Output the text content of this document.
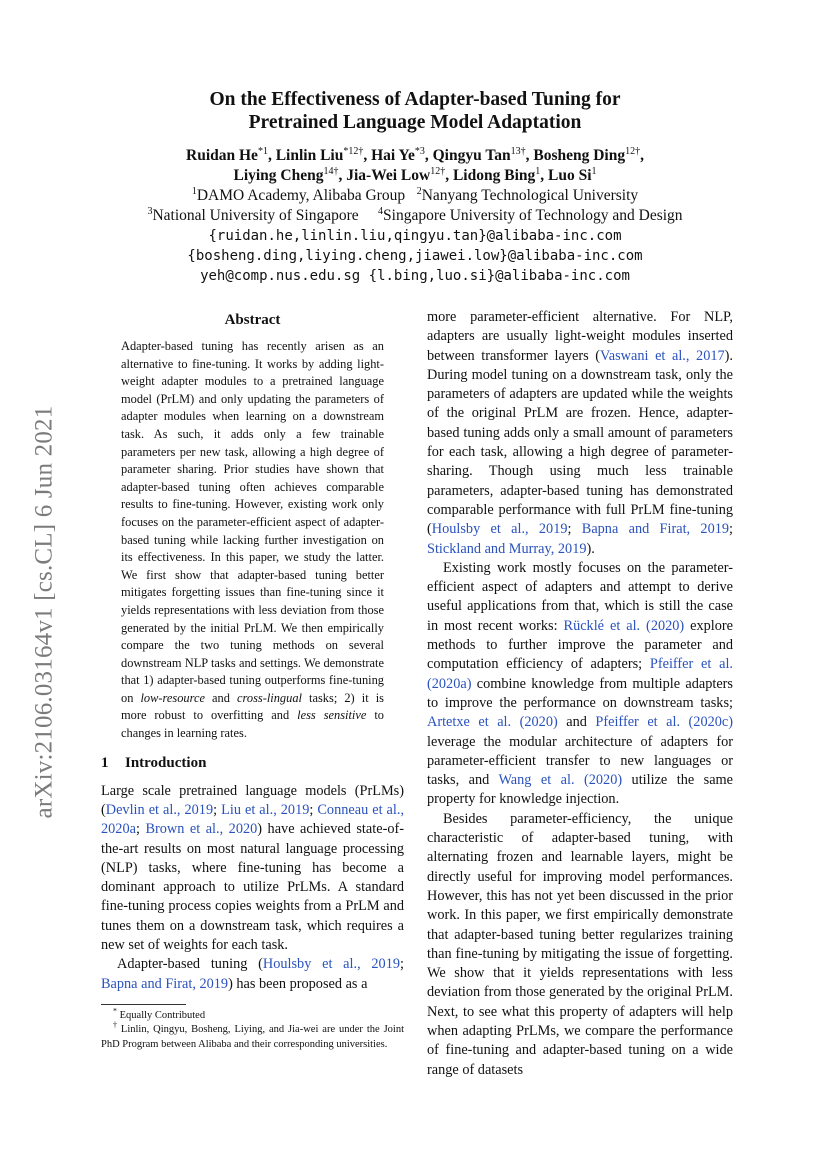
arXiv:2106.03164v1 [cs.CL] 6 Jun 2021
On the Effectiveness of Adapter-based Tuning for
Pretrained Language Model Adaptation
Ruidan He$^{*1}$, Linlin Liu$^{*12\dagger}$, Hai Ye$^{*3}$, Qingyu Tan$^{13\dagger}$, Bosheng Ding$^{12\dagger}$,
Liying Cheng$^{14\dagger}$, Jia-Wei Low$^{12\dagger}$, Lidong Bing$^1$, Luo Si$^1$
$^1$DAMO Academy, Alibaba Group $^2$Nanyang Technological University
$^3$National University of Singapore $^4$Singapore University of Technology and Design
{ruidan.he,linlin.liu,qingyu.tan}@alibaba-inc.com
{bosheng.ding,liying.cheng,jiawei.low}@alibaba-inc.com
yeh@comp.nus.edu.sg {l.bing,luo.si}@alibaba-inc.com
Abstract

Adapter-based tuning has recently arisen as an alternative to fine-tuning. It works by adding light-weight adapter modules to a pretrained language model (PrLM) and only updating the parameters of adapter modules when learning on a downstream task. As such, it adds only a few trainable parameters per new task, allowing a high degree of parameter sharing. Prior studies have shown that adapter-based tuning often achieves comparable results to fine-tuning. However, existing work only focuses on the parameter-efficient aspect of adapter-based tuning while lacking further investigation on its effectiveness. In this paper, we study the latter. We first show that adapter-based tuning better mitigates forgetting issues than fine-tuning since it yields representations with less deviation from those generated by the initial PrLM. We then empirically compare the two tuning methods on several downstream NLP tasks and settings. We demonstrate that 1) adapter-based tuning outperforms fine-tuning on low-resource and cross-lingual tasks; 2) it is more robust to overfitting and less sensitive to changes in learning rates.

1 Introduction

Large scale pretrained language models (PrLMs) (Devlin et al., 2019; Liu et al., 2019; Conneau et al., 2020a; Brown et al., 2020) have achieved state-of-the-art results on most natural language processing (NLP) tasks, where fine-tuning has become a dominant approach to utilize PrLMs. A standard fine-tuning process copies weights from a PrLM and tunes them on a downstream task, which requires a new set of weights for each task.

Adapter-based tuning (Houlsby et al., 2019; Bapna and Firat, 2019) has been proposed as a

* Equally Contributed

† Linlin, Qingyu, Bosheng, Liying, and Jia-wei are under the Joint PhD Program between Alibaba and their corresponding universities.

more parameter-efficient alternative. For NLP, adapters are usually light-weight modules inserted between transformer layers (Vaswani et al., 2017). During model tuning on a downstream task, only the parameters of adapters are updated while the weights of the original PrLM are frozen. Hence, adapter-based tuning adds only a small amount of parameters for each task, allowing a high degree of parameter-sharing. Though using much less trainable parameters, adapter-based tuning has demonstrated comparable performance with full PrLM fine-tuning (Houlsby et al., 2019; Bapna and Firat, 2019; Stickland and Murray, 2019).

Existing work mostly focuses on the parameter-efficient aspect of adapters and attempt to derive useful applications from that, which is still the case in most recent works: Rücklé et al. (2020) explore methods to further improve the parameter and computation efficiency of adapters; Pfeiffer et al. (2020a) combine knowledge from multiple adapters to improve the performance on downstream tasks; Artetxe et al. (2020) and Pfeiffer et al. (2020c) leverage the modular architecture of adapters for parameter-efficient transfer to new languages or tasks, and Wang et al. (2020) utilize the same property for knowledge injection.

Besides parameter-efficiency, the unique characteristic of adapter-based tuning, with alternating frozen and learnable layers, might be directly useful for improving model performances. However, this has not yet been discussed in the prior work. In this paper, we first empirically demonstrate that adapter-based tuning better regularizes training than fine-tuning by mitigating the issue of forgetting. We show that it yields representations with less deviation from those generated by the original PrLM. Next, to see what this property of adapters will help when adapting PrLMs, we compare the performance of fine-tuning and adapter-based tuning on a wide range of datasets
